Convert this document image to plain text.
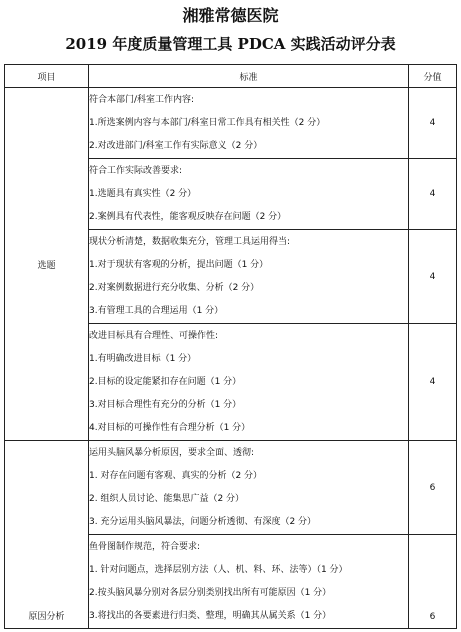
湘雅常德医院
2019 年度质量管理工具 PDCA 实践活动评分表
项目	标准	分值
选题	符合本部门/科室工作内容:
1.所选案例内容与本部门/科室日常工作具有相关性（2 分）
2.对改进部门/科室工作有实际意义（2 分）	4

	符合工作实际改善要求:
1.选题具有真实性（2 分）
2.案例具有代表性，能客观反映存在问题（2 分）	4

	现状分析清楚，数据收集充分，管理工具运用得当:
1.对于现状有客观的分析，提出问题（1 分）
2.对案例数据进行充分收集、分析（2 分）
3.有管理工具的合理运用（1 分）	4

	改进目标具有合理性、可操作性:
1.有明确改进目标（1 分）
2.目标的设定能紧扣存在问题（1 分）
3.对目标合理性有充分的分析（1 分）
4.对目标的可操作性有合理分析（1 分）	4
原因分析	运用头脑风暴分析原因，要求全面、透彻:
1. 对存在问题有客观、真实的分析（2 分）
2. 组织人员讨论、能集思广益（2 分）
3. 充分运用头脑风暴法，问题分析透彻、有深度（2 分）	6

	鱼骨图制作规范，符合要求:
1. 针对问题点，选择层别方法（人、机、料、环、法等）（1 分）
2.按头脑风暴分别对各层分别类别找出所有可能原因（1 分）
3.将找出的各要素进行归类、整理，明确其从属关系（1 分）	6
